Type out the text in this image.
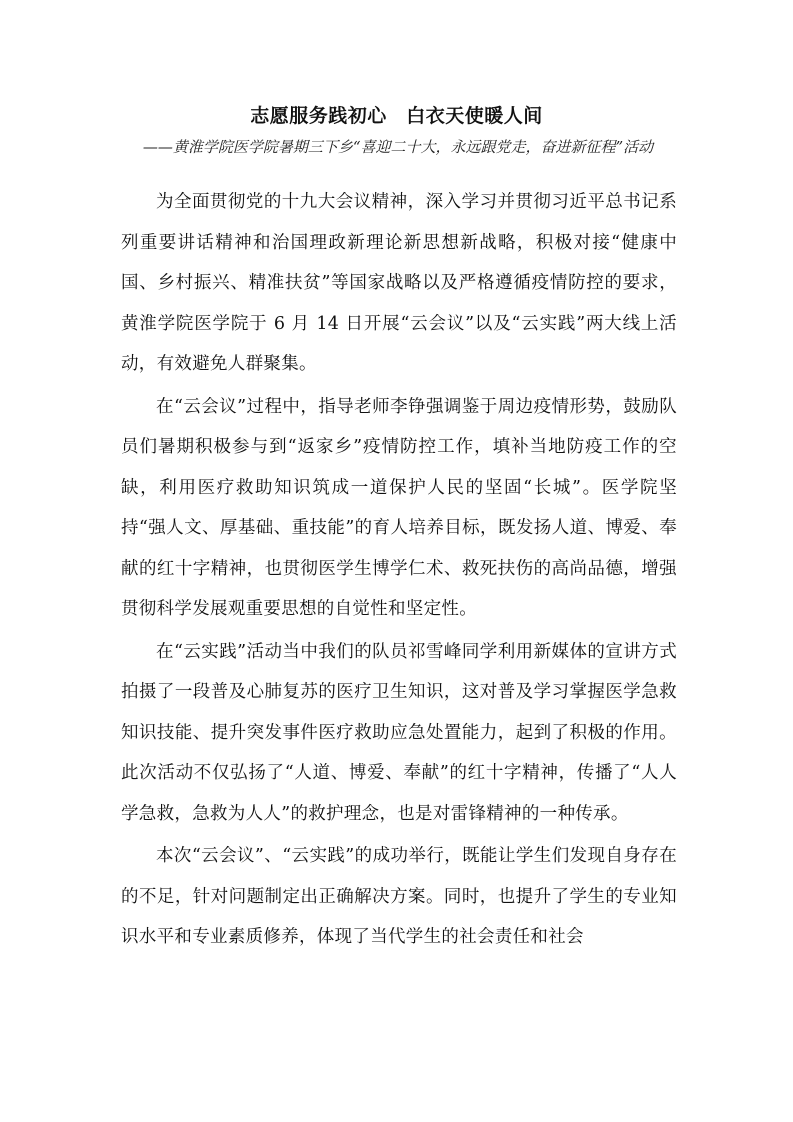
志愿服务践初心　白衣天使暖人间
——黄淮学院医学院暑期三下乡“喜迎二十大，永远跟党走，奋进新征程”活动

为全面贯彻党的十九大会议精神，深入学习并贯彻习近平总书记系列重要讲话精神和治国理政新理论新思想新战略，积极对接“健康中国、乡村振兴、精准扶贫”等国家战略以及严格遵循疫情防控的要求，黄淮学院医学院于 6 月 14 日开展“云会议”以及“云实践”两大线上活动，有效避免人群聚集。

在“云会议”过程中，指导老师李铮强调鉴于周边疫情形势，鼓励队员们暑期积极参与到“返家乡”疫情防控工作，填补当地防疫工作的空缺，利用医疗救助知识筑成一道保护人民的坚固“长城”。医学院坚持“强人文、厚基础、重技能”的育人培养目标，既发扬人道、博爱、奉献的红十字精神，也贯彻医学生博学仁术、救死扶伤的高尚品德，增强贯彻科学发展观重要思想的自觉性和坚定性。

在“云实践”活动当中我们的队员祁雪峰同学利用新媒体的宣讲方式拍摄了一段普及心肺复苏的医疗卫生知识，这对普及学习掌握医学急救知识技能、提升突发事件医疗救助应急处置能力，起到了积极的作用。此次活动不仅弘扬了“人道、博爱、奉献”的红十字精神，传播了“人人学急救，急救为人人”的救护理念，也是对雷锋精神的一种传承。

本次“云会议”、“云实践”的成功举行，既能让学生们发现自身存在的不足，针对问题制定出正确解决方案。同时，也提升了学生的专业知识水平和专业素质修养，体现了当代学生的社会责任和社会
